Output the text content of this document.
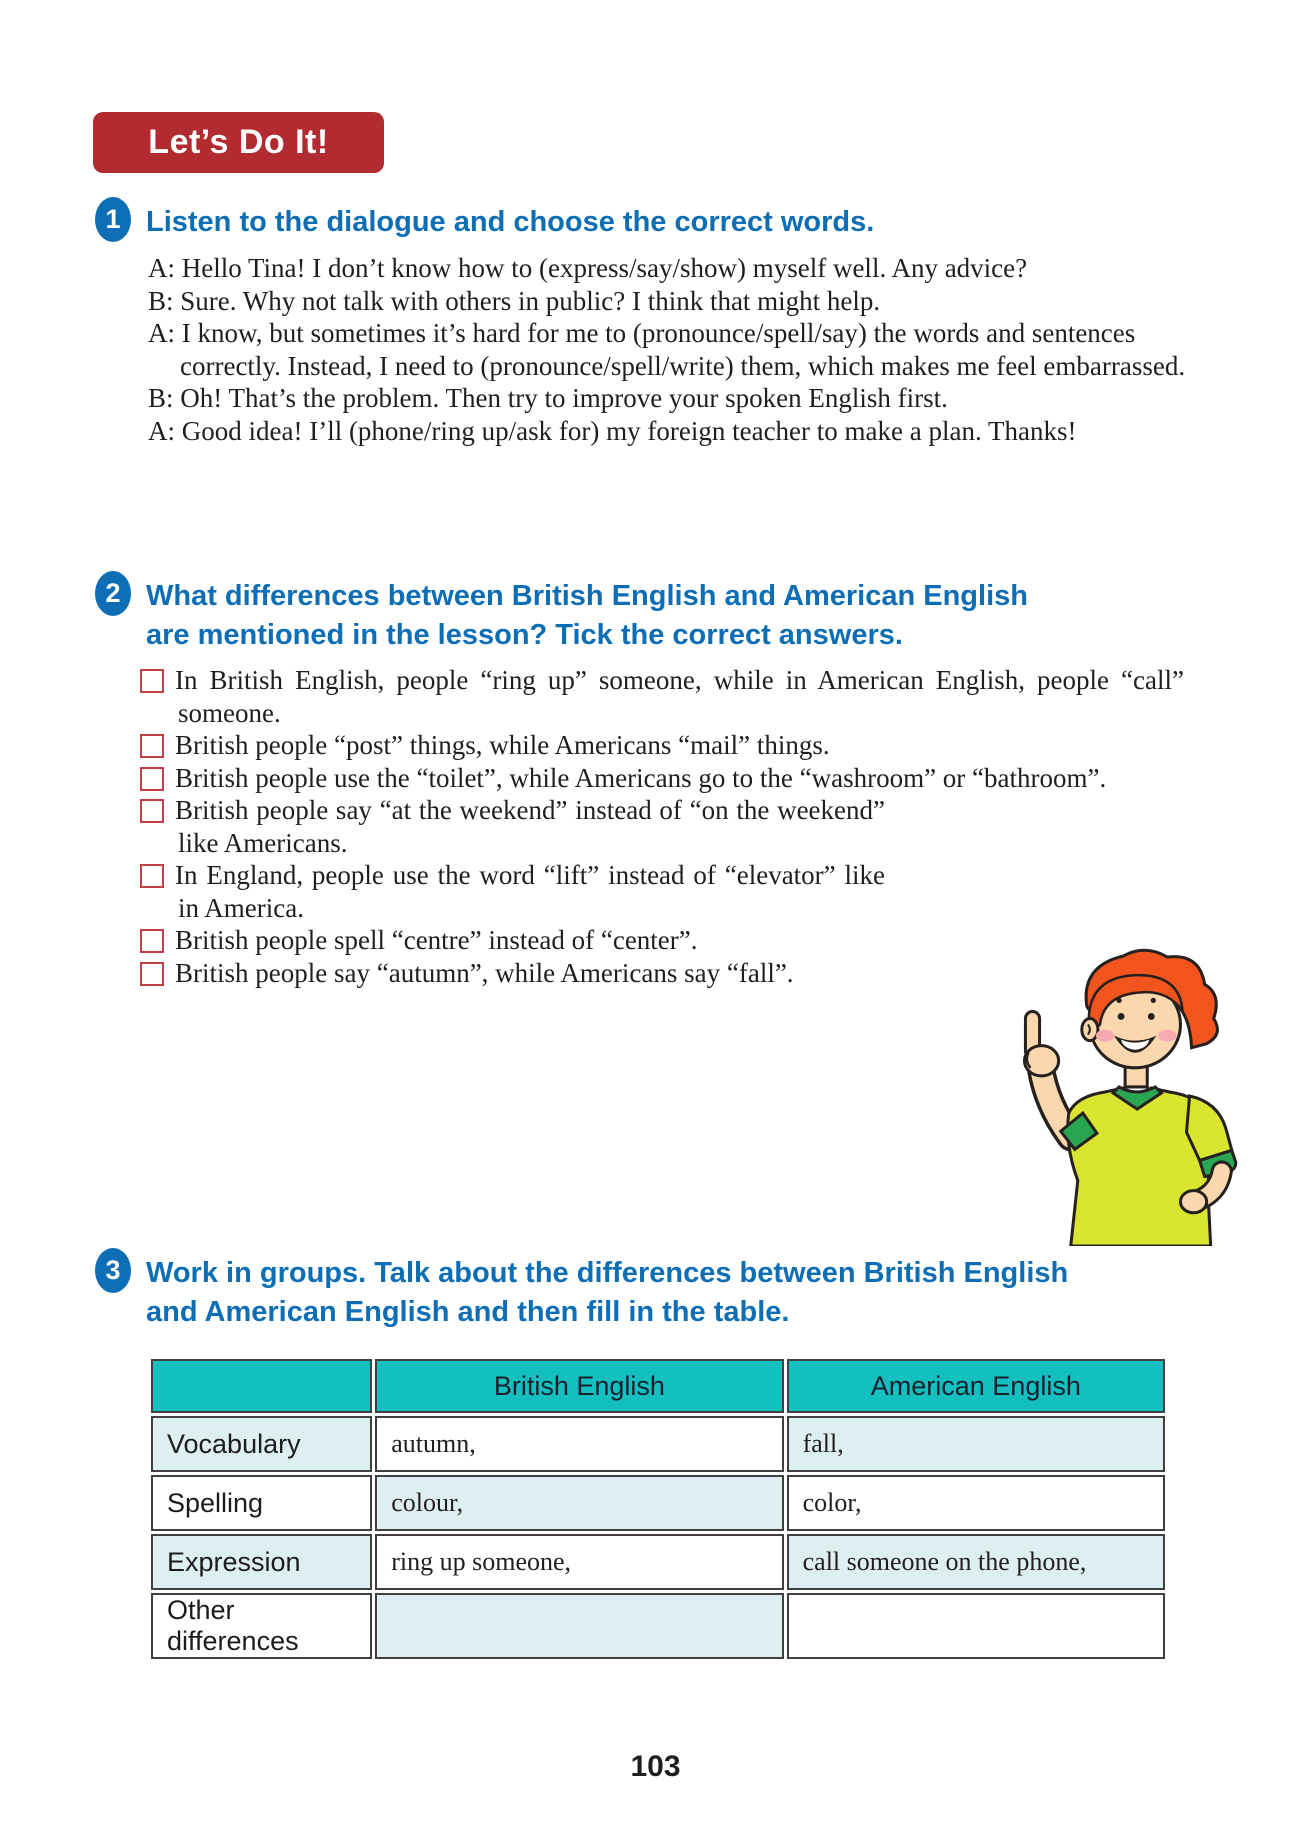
Let’s Do It!
1 Listen to the dialogue and choose the correct words.
A: Hello Tina! I don’t know how to (express/say/show) myself well. Any advice?
B: Sure. Why not talk with others in public? I think that might help.
A: I know, but sometimes it’s hard for me to (pronounce/spell/say) the words and sentences correctly. Instead, I need to (pronounce/spell/write) them, which makes me feel embarrassed.
B: Oh! That’s the problem. Then try to improve your spoken English first.
A: Good idea! I’ll (phone/ring up/ask for) my foreign teacher to make a plan. Thanks!
2 What differences between British English and American English
are mentioned in the lesson? Tick the correct answers.
In British English, people “ring up” someone, while in American English, people “call” someone.
British people “post” things, while Americans “mail” things.
British people use the “toilet”, while Americans go to the “washroom” or “bathroom”.
British people say “at the weekend” instead of “on the weekend” like Americans.
In England, people use the word “lift” instead of “elevator” like in America.
British people spell “centre” instead of “center”.
British people say “autumn”, while Americans say “fall”.
3 Work in groups. Talk about the differences between British English
and American English and then fill in the table.
	British English	American English
Vocabulary	autumn,	fall,
Spelling	colour,	color,
Expression	ring up someone,	call someone on the phone,
Other differences		
103
